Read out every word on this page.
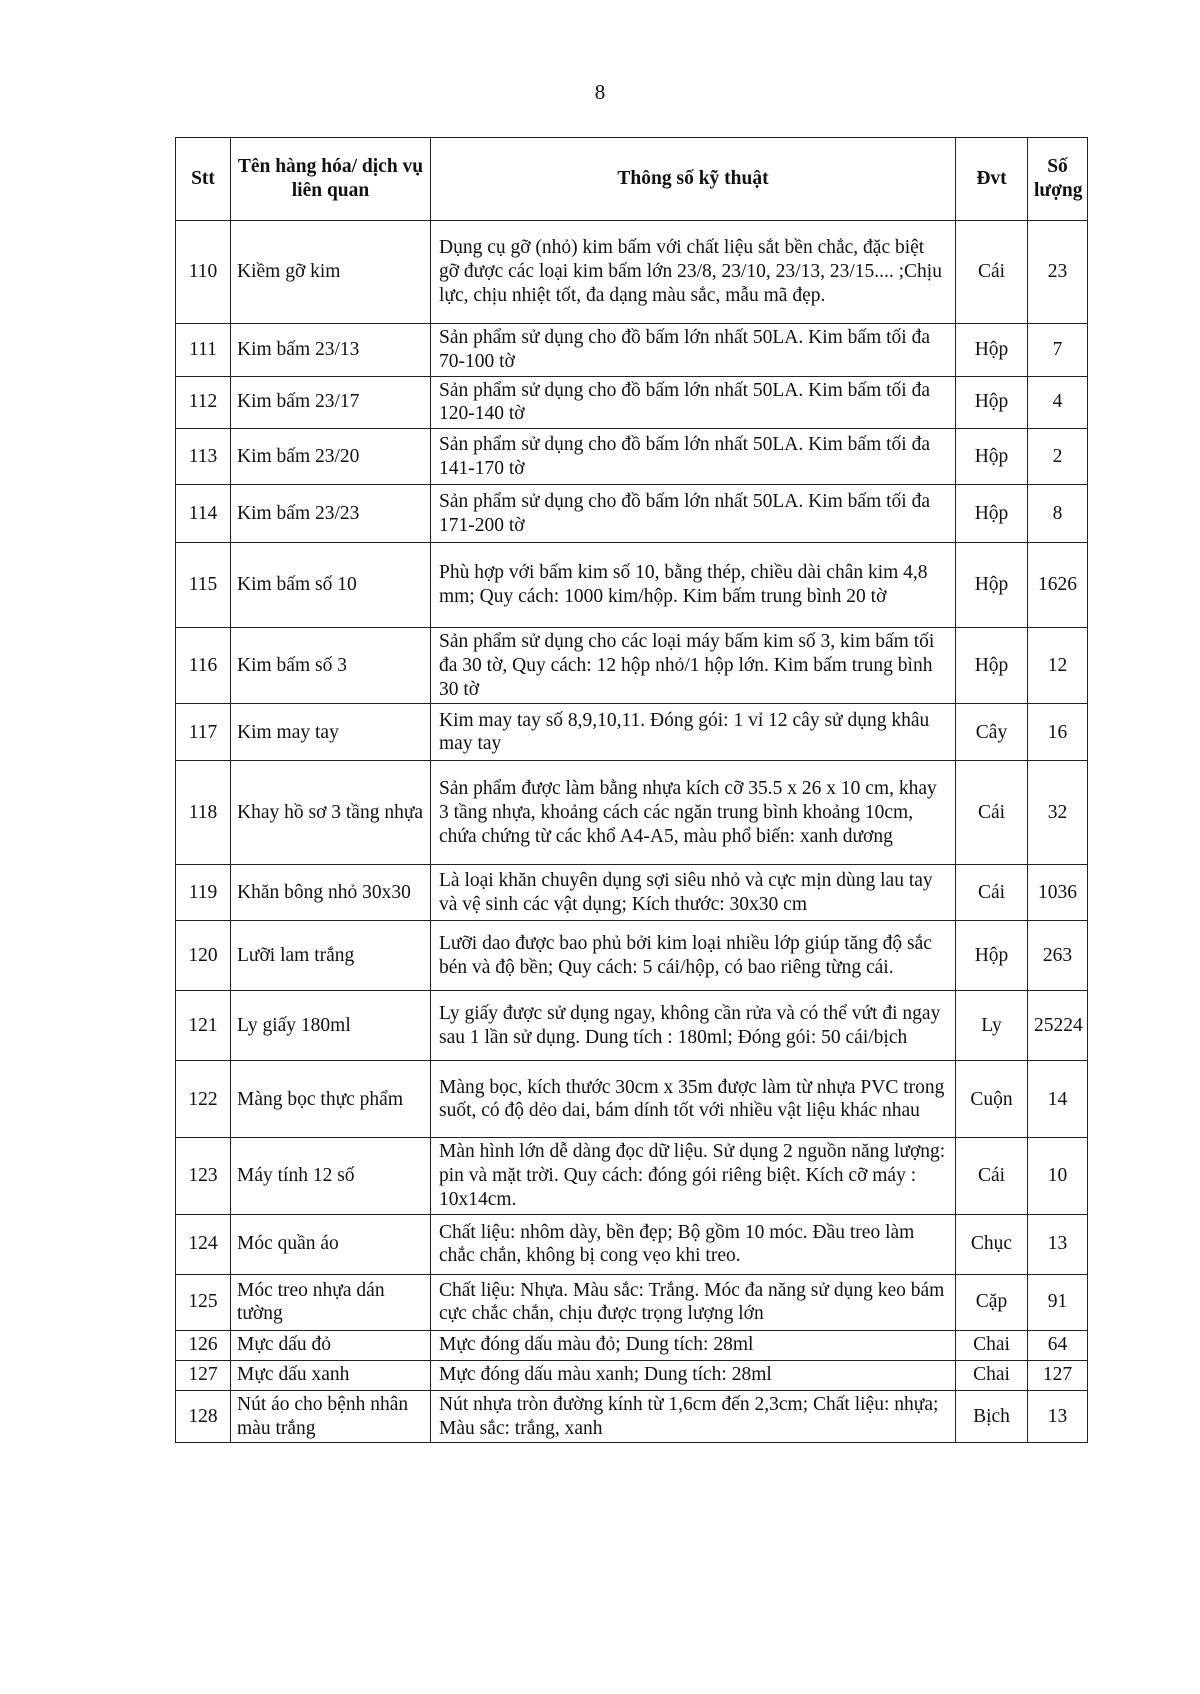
8
Stt	Tên hàng hóa/ dịch vụ liên quan	Thông số kỹ thuật	Đvt	Số lượng
110	Kiềm gỡ kim	Dụng cụ gỡ (nhỏ) kim bấm với chất liệu sắt bền chắc, đặc biệt gỡ được các loại kim bấm lớn 23/8, 23/10, 23/13, 23/15.... ;Chịu lực, chịu nhiệt tốt, đa dạng màu sắc, mẫu mã đẹp.	Cái	23
111	Kim bấm 23/13	Sản phẩm sử dụng cho đồ bấm lớn nhất 50LA. Kim bấm tối đa 70-100 tờ	Hộp	7
112	Kim bấm 23/17	Sản phẩm sử dụng cho đồ bấm lớn nhất 50LA. Kim bấm tối đa 120-140 tờ	Hộp	4
113	Kim bấm 23/20	Sản phẩm sử dụng cho đồ bấm lớn nhất 50LA. Kim bấm tối đa 141-170 tờ	Hộp	2
114	Kim bấm 23/23	Sản phẩm sử dụng cho đồ bấm lớn nhất 50LA. Kim bấm tối đa 171-200 tờ	Hộp	8
115	Kim bấm số 10	Phù hợp với bấm kim số 10, bằng thép, chiều dài chân kim 4,8 mm; Quy cách: 1000 kim/hộp. Kim bấm trung bình 20 tờ	Hộp	1626
116	Kim bấm số 3	Sản phẩm sử dụng cho các loại máy bấm kim số 3, kim bấm tối đa 30 tờ, Quy cách: 12 hộp nhỏ/1 hộp lớn. Kim bấm trung bình 30 tờ	Hộp	12
117	Kim may tay	Kim may tay số 8,9,10,11. Đóng gói: 1 vỉ 12 cây sử dụng khâu may tay	Cây	16
118	Khay hồ sơ 3 tầng nhựa	Sản phẩm được làm bằng nhựa kích cỡ 35.5 x 26 x 10 cm, khay 3 tầng nhựa, khoảng cách các ngăn trung bình khoảng 10cm, chứa chứng từ các khổ A4-A5, màu phổ biến: xanh dương	Cái	32
119	Khăn bông nhỏ 30x30	Là loại khăn chuyên dụng sợi siêu nhỏ và cực mịn dùng lau tay và vệ sinh các vật dụng; Kích thước: 30x30 cm	Cái	1036
120	Lưỡi lam trắng	Lưỡi dao được bao phủ bởi kim loại nhiều lớp giúp tăng độ sắc bén và độ bền; Quy cách: 5 cái/hộp, có bao riêng từng cái.	Hộp	263
121	Ly giấy 180ml	Ly giấy được sử dụng ngay, không cần rửa và có thể vứt đi ngay sau 1 lần sử dụng. Dung tích : 180ml; Đóng gói: 50 cái/bịch	Ly	25224
122	Màng bọc thực phẩm	Màng bọc, kích thước 30cm x 35m được làm từ nhựa PVC trong suốt, có độ dẻo dai, bám dính tốt với nhiều vật liệu khác nhau	Cuộn	14
123	Máy tính 12 số	Màn hình lớn dễ dàng đọc dữ liệu. Sử dụng 2 nguồn năng lượng: pin và mặt trời. Quy cách: đóng gói riêng biệt. Kích cỡ máy : 10x14cm.	Cái	10
124	Móc quần áo	Chất liệu: nhôm dày, bền đẹp; Bộ gồm 10 móc. Đầu treo làm chắc chắn, không bị cong vẹo khi treo.	Chục	13
125	Móc treo nhựa dán tường	Chất liệu: Nhựa. Màu sắc: Trắng. Móc đa năng sử dụng keo bám cực chắc chắn, chịu được trọng lượng lớn	Cặp	91
126	Mực dấu đỏ	Mực đóng dấu màu đỏ; Dung tích: 28ml	Chai	64
127	Mực dấu xanh	Mực đóng dấu màu xanh; Dung tích: 28ml	Chai	127
128	Nút áo cho bệnh nhân màu trắng	Nút nhựa tròn đường kính từ 1,6cm đến 2,3cm; Chất liệu: nhựa; Màu sắc: trắng, xanh	Bịch	13
